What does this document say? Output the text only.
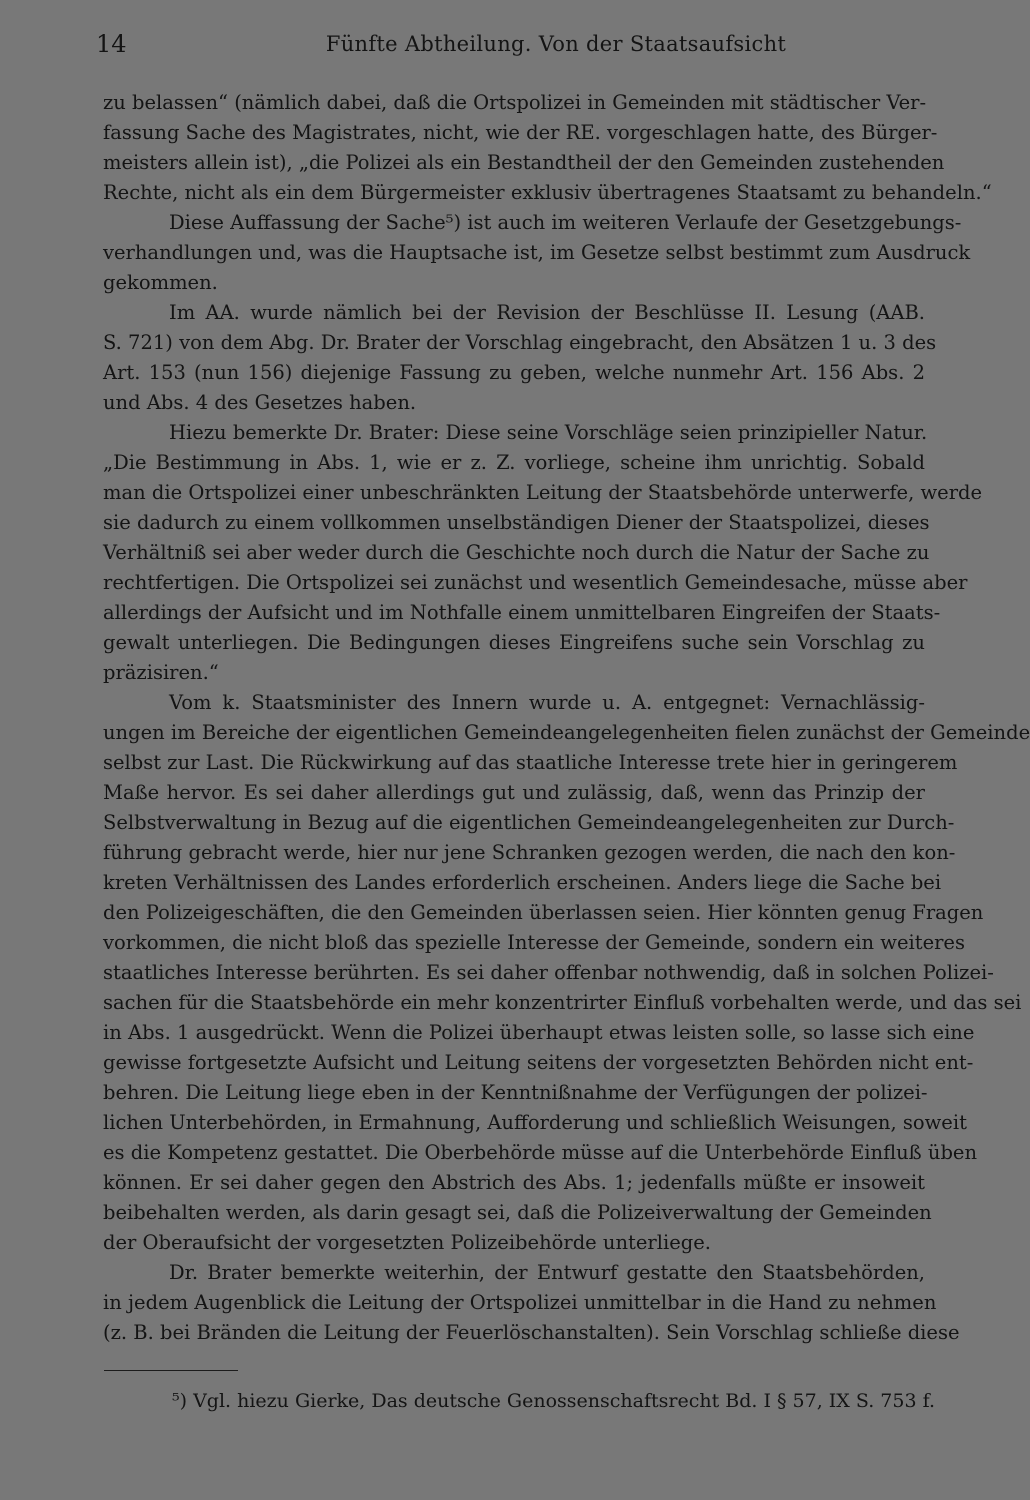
14	Fünfte Abtheilung. Von der Staatsaufsicht
zu belassen“ (nämlich dabei, daß die Ortspolizei in Gemeinden mit städtischer Ver-
fassung Sache des Magistrates, nicht, wie der RE. vorgeschlagen hatte, des Bürger-
meisters allein ist), „die Polizei als ein Bestandtheil der den Gemeinden zustehenden
Rechte, nicht als ein dem Bürgermeister exklusiv übertragenes Staatsamt zu behandeln.“
Diese Auffassung der Sache⁵) ist auch im weiteren Verlaufe der Gesetzgebungs-
verhandlungen und, was die Hauptsache ist, im Gesetze selbst bestimmt zum Ausdruck
gekommen.
Im AA. wurde nämlich bei der Revision der Beschlüsse II. Lesung (AAB.
S. 721) von dem Abg. Dr. Brater der Vorschlag eingebracht, den Absätzen 1 u. 3 des
Art. 153 (nun 156) diejenige Fassung zu geben, welche nunmehr Art. 156 Abs. 2
und Abs. 4 des Gesetzes haben.
Hiezu bemerkte Dr. Brater: Diese seine Vorschläge seien prinzipieller Natur.
„Die Bestimmung in Abs. 1, wie er z. Z. vorliege, scheine ihm unrichtig. Sobald
man die Ortspolizei einer unbeschränkten Leitung der Staatsbehörde unterwerfe, werde
sie dadurch zu einem vollkommen unselbständigen Diener der Staatspolizei, dieses
Verhältniß sei aber weder durch die Geschichte noch durch die Natur der Sache zu
rechtfertigen. Die Ortspolizei sei zunächst und wesentlich Gemeindesache, müsse aber
allerdings der Aufsicht und im Nothfalle einem unmittelbaren Eingreifen der Staats-
gewalt unterliegen. Die Bedingungen dieses Eingreifens suche sein Vorschlag zu
präzisiren.“
Vom k. Staatsminister des Innern wurde u. A. entgegnet: Vernachlässig-
ungen im Bereiche der eigentlichen Gemeindeangelegenheiten fielen zunächst der Gemeinde
selbst zur Last. Die Rückwirkung auf das staatliche Interesse trete hier in geringerem
Maße hervor. Es sei daher allerdings gut und zulässig, daß, wenn das Prinzip der
Selbstverwaltung in Bezug auf die eigentlichen Gemeindeangelegenheiten zur Durch-
führung gebracht werde, hier nur jene Schranken gezogen werden, die nach den kon-
kreten Verhältnissen des Landes erforderlich erscheinen. Anders liege die Sache bei
den Polizeigeschäften, die den Gemeinden überlassen seien. Hier könnten genug Fragen
vorkommen, die nicht bloß das spezielle Interesse der Gemeinde, sondern ein weiteres
staatliches Interesse berührten. Es sei daher offenbar nothwendig, daß in solchen Polizei-
sachen für die Staatsbehörde ein mehr konzentrirter Einfluß vorbehalten werde, und das sei
in Abs. 1 ausgedrückt. Wenn die Polizei überhaupt etwas leisten solle, so lasse sich eine
gewisse fortgesetzte Aufsicht und Leitung seitens der vorgesetzten Behörden nicht ent-
behren. Die Leitung liege eben in der Kenntnißnahme der Verfügungen der polizei-
lichen Unterbehörden, in Ermahnung, Aufforderung und schließlich Weisungen, soweit
es die Kompetenz gestattet. Die Oberbehörde müsse auf die Unterbehörde Einfluß üben
können. Er sei daher gegen den Abstrich des Abs. 1; jedenfalls müßte er insoweit
beibehalten werden, als darin gesagt sei, daß die Polizeiverwaltung der Gemeinden
der Oberaufsicht der vorgesetzten Polizeibehörde unterliege.
Dr. Brater bemerkte weiterhin, der Entwurf gestatte den Staatsbehörden,
in jedem Augenblick die Leitung der Ortspolizei unmittelbar in die Hand zu nehmen
(z. B. bei Bränden die Leitung der Feuerlöschanstalten). Sein Vorschlag schließe diese
⁵) Vgl. hiezu Gierke, Das deutsche Genossenschaftsrecht Bd. I § 57, IX S. 753 f.
